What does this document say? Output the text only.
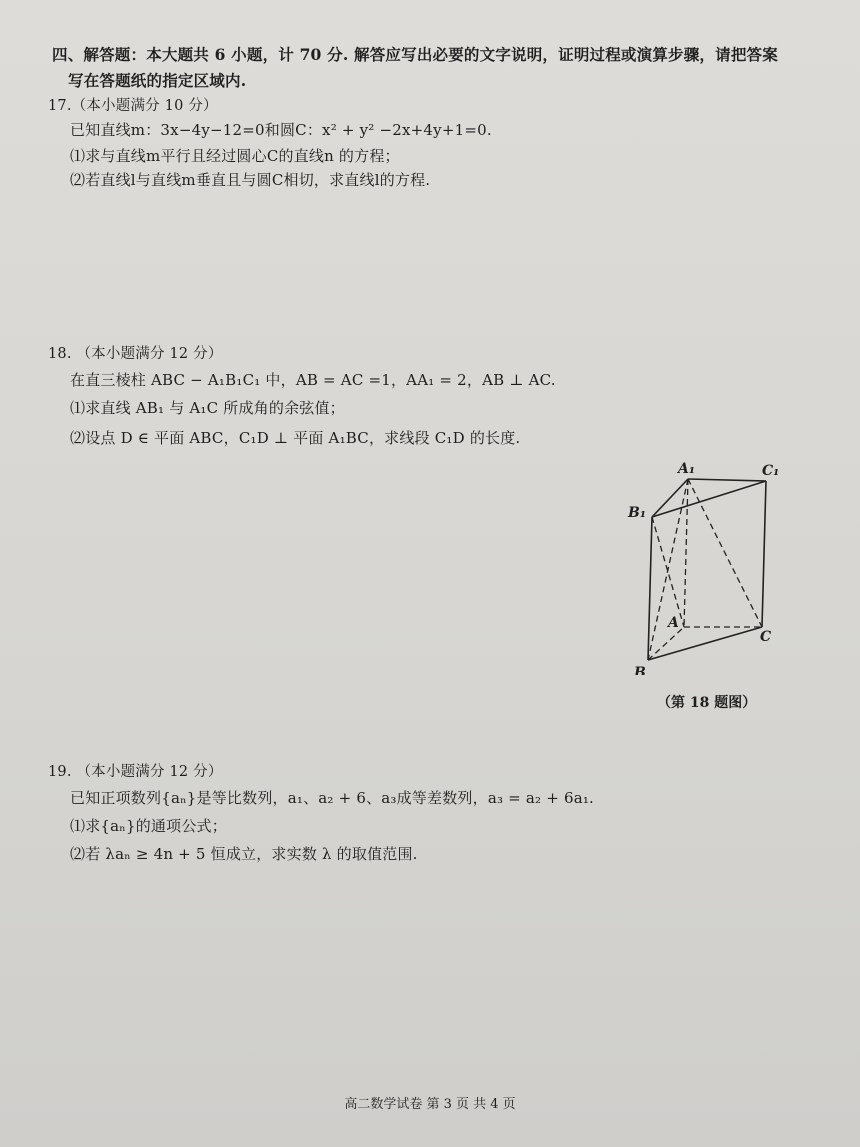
四、解答题：本大题共 6 小题，计 70 分. 解答应写出必要的文字说明，证明过程或演算步骤，请把答案
写在答题纸的指定区域内.
17.（本小题满分 10 分）
已知直线m：3x−4y−12=0和圆C：x² + y² −2x+4y+1=0.
⑴求与直线m平行且经过圆心C的直线n 的方程；
⑵若直线l与直线m垂直且与圆C相切，求直线l的方程.
18. （本小题满分 12 分）
在直三棱柱 ABC − A₁B₁C₁ 中，AB = AC =1，AA₁ = 2，AB ⊥ AC.
⑴求直线 AB₁ 与 A₁C 所成角的余弦值；
⑵设点 D ∈ 平面 ABC，C₁D ⊥ 平面 A₁BC，求线段 C₁D 的长度.
A₁	C₁
B₁
A
C
B
（第 18 题图）
19. （本小题满分 12 分）
已知正项数列{aₙ}是等比数列，a₁、a₂ + 6、a₃成等差数列，a₃ = a₂ + 6a₁.
⑴求{aₙ}的通项公式；
⑵若 λaₙ ≥ 4n + 5 恒成立，求实数 λ 的取值范围.
高二数学试卷 第 3 页 共 4 页
